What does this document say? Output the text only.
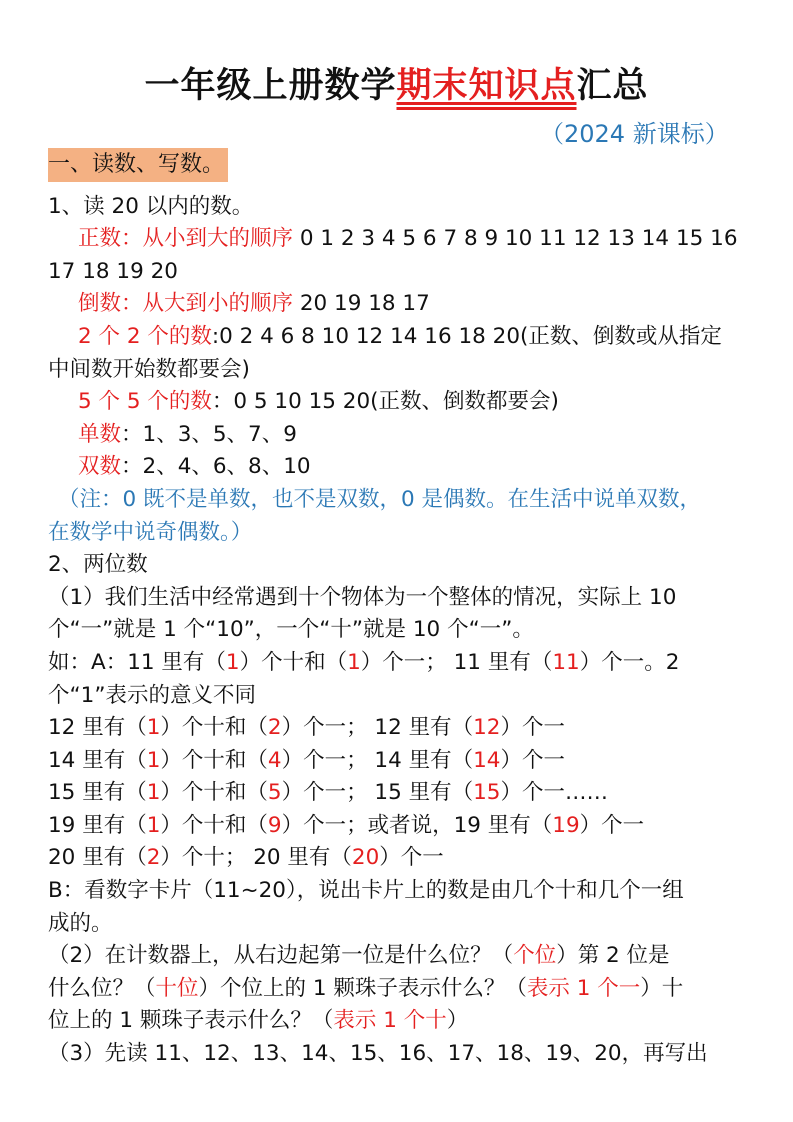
一年级上册数学期末知识点汇总
（2024 新课标）
一、读数、写数。
1、读 20 以内的数。
正数：从小到大的顺序 0 1 2 3 4 5 6 7 8 9 10 11 12 13 14 15 16
17 18 19 20
倒数：从大到小的顺序 20 19 18 17
2 个 2 个的数:0 2 4 6 8 10 12 14 16 18 20(正数、倒数或从指定
中间数开始数都要会)
5 个 5 个的数：0 5 10 15 20(正数、倒数都要会)
单数：1、3、5、7、9
双数：2、4、6、8、10
（注：0 既不是单数，也不是双数，0 是偶数。在生活中说单双数，
在数学中说奇偶数。）
2、两位数
（1）我们生活中经常遇到十个物体为一个整体的情况，实际上 10
个“一”就是 1 个“10”，一个“十”就是 10 个“一”。
如：A：11 里有（1）个十和（1）个一； 11 里有（11）个一。2
个“1”表示的意义不同
12 里有（1）个十和（2）个一； 12 里有（12）个一
14 里有（1）个十和（4）个一； 14 里有（14）个一
15 里有（1）个十和（5）个一； 15 里有（15）个一……
19 里有（1）个十和（9）个一；或者说，19 里有（19）个一
20 里有（2）个十； 20 里有（20）个一
B：看数字卡片（11~20），说出卡片上的数是由几个十和几个一组
成的。
（2）在计数器上，从右边起第一位是什么位？（个位）第 2 位是
什么位？（十位）个位上的 1 颗珠子表示什么？（表示 1 个一）十
位上的 1 颗珠子表示什么？（表示 1 个十）
（3）先读 11、12、13、14、15、16、17、18、19、20，再写出
